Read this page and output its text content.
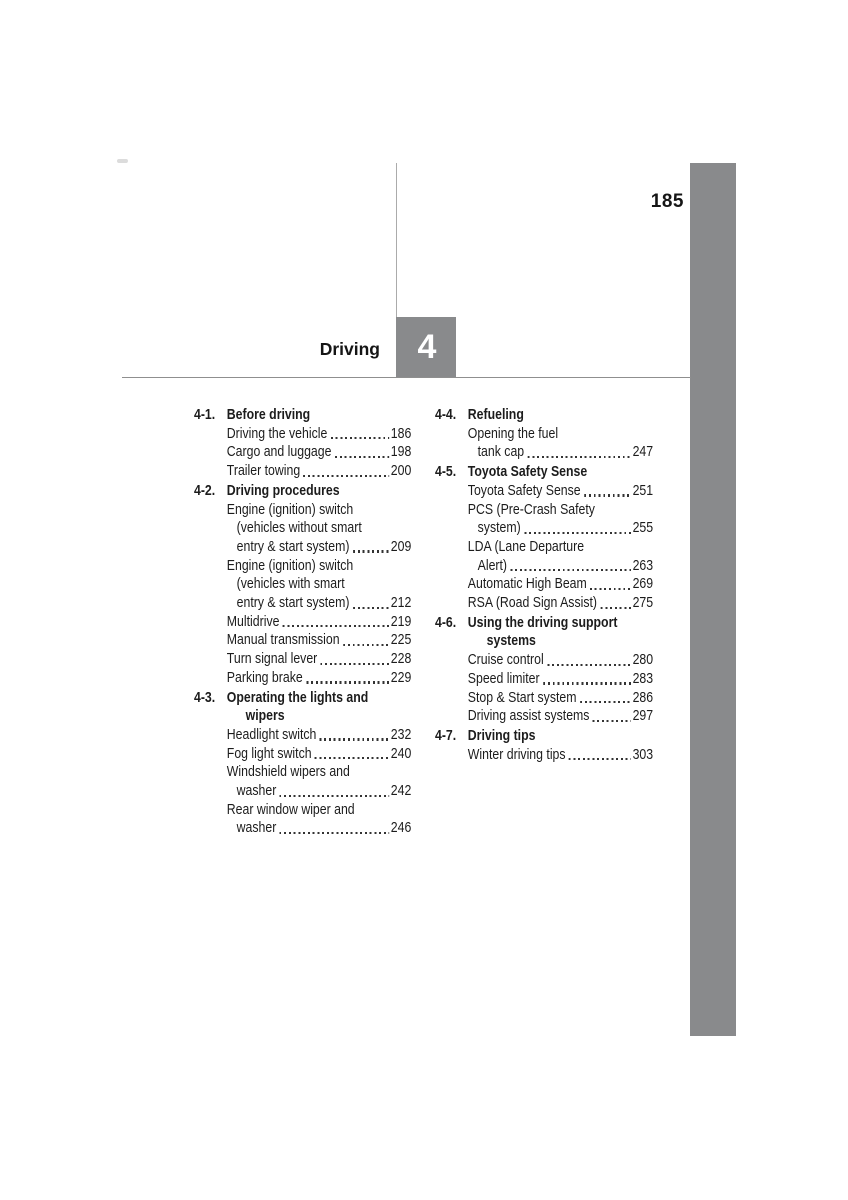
185
Driving 4
4-1. Before driving
Driving the vehicle	186
Cargo and luggage	198
Trailer towing	200
4-2. Driving procedures
Engine (ignition) switch
(vehicles without smart
entry & start system)	209
Engine (ignition) switch
(vehicles with smart
entry & start system)	212
Multidrive	219
Manual transmission	225
Turn signal lever	228
Parking brake	229
4-3. Operating the lights and
wipers
Headlight switch	232
Fog light switch	240
Windshield wipers and
washer	242
Rear window wiper and
washer	246
4-4. Refueling
Opening the fuel
tank cap	247
4-5. Toyota Safety Sense
Toyota Safety Sense	251
PCS (Pre-Crash Safety
system)	255
LDA (Lane Departure
Alert)	263
Automatic High Beam	269
RSA (Road Sign Assist) 275
4-6. Using the driving support
systems
Cruise control	280
Speed limiter	283
Stop & Start system	286
Driving assist systems	297
4-7. Driving tips
Winter driving tips	303
